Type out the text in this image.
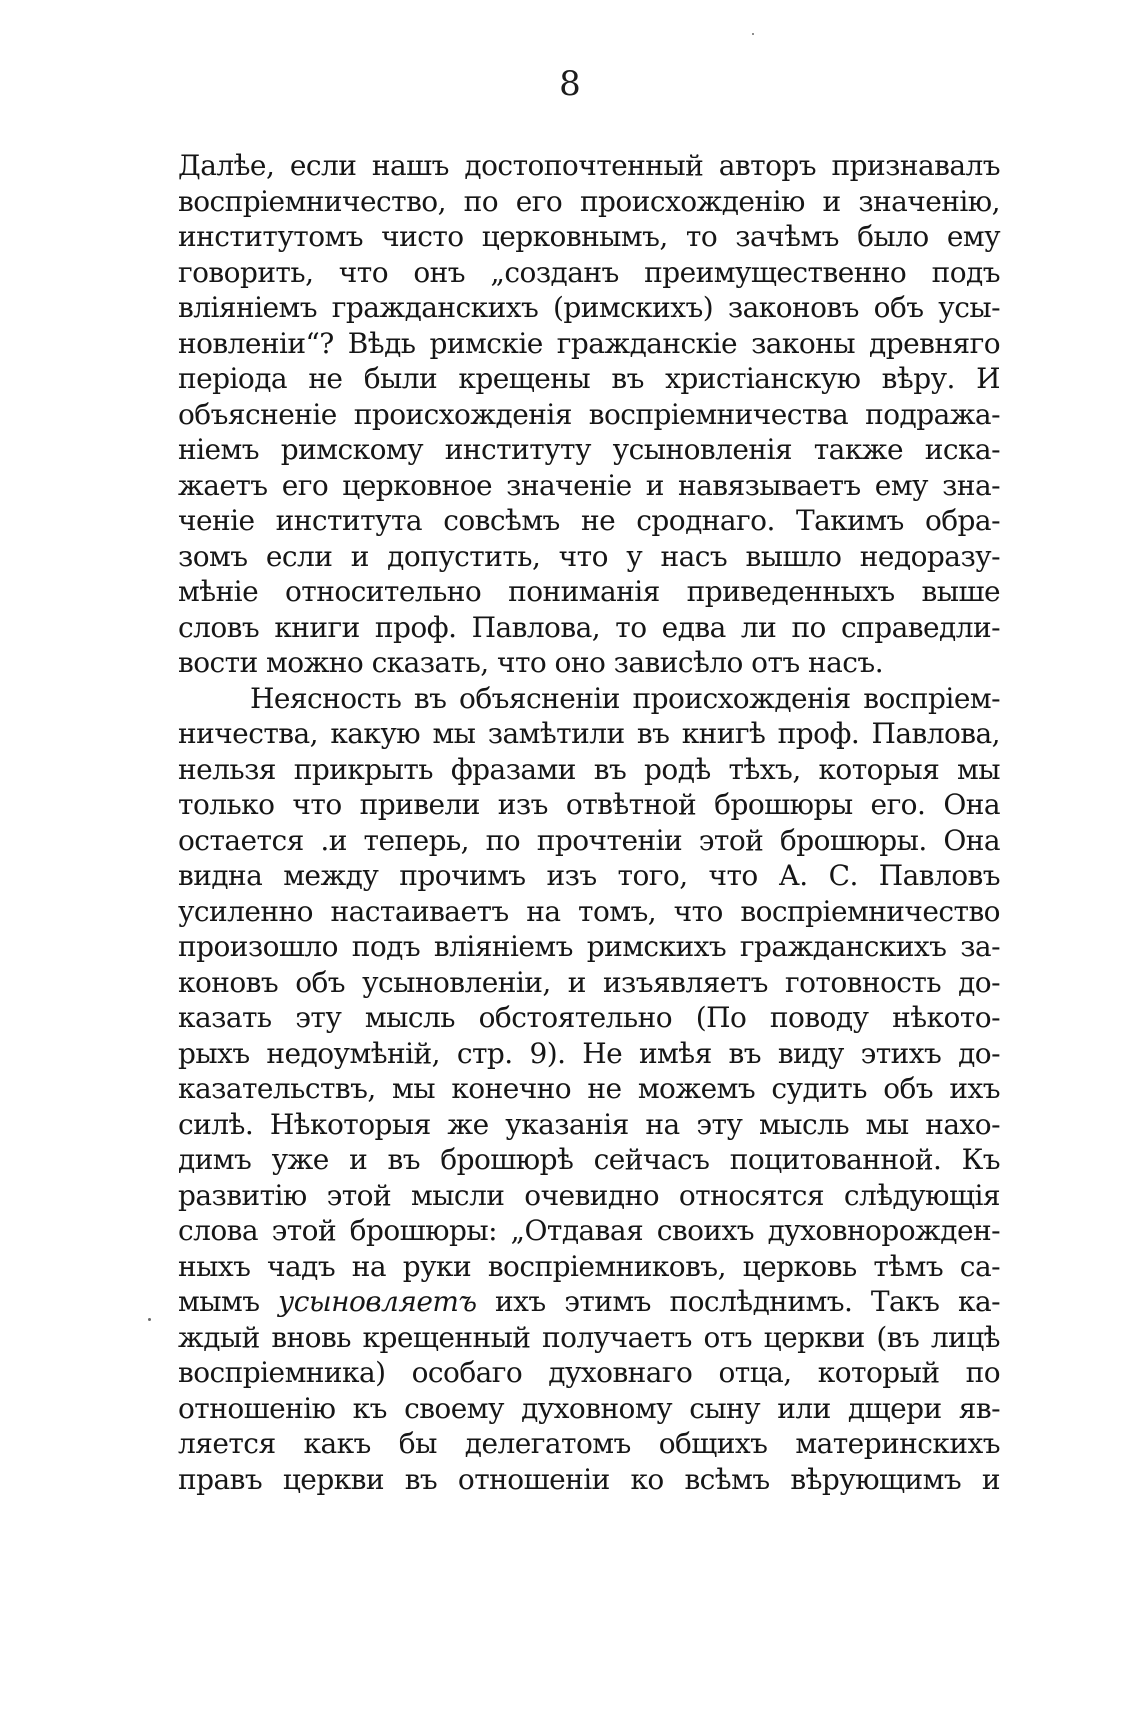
8
Далѣе, если нашъ достопочтенный авторъ признавалъ
воспріемничество, по его происхожденію и значенію,
институтомъ чисто церковнымъ, то зачѣмъ было ему
говорить, что онъ „созданъ преимущественно подъ
вліяніемъ гражданскихъ (римскихъ) законовъ объ усы-
новленіи“? Вѣдь римскіе гражданскіе законы древняго
періода не были крещены въ христіанскую вѣру. И
объясненіе происхожденія воспріемничества подража-
ніемъ римскому институту усыновленія также иска-
жаетъ его церковное значеніе и навязываетъ ему зна-
ченіе института совсѣмъ не сроднаго. Такимъ обра-
зомъ если и допустить, что у насъ вышло недоразу-
мѣніе относительно пониманія приведенныхъ выше
словъ книги проф. Павлова, то едва ли по справедли-
вости можно сказать, что оно зависѣло отъ насъ.
Неясность въ объясненіи происхожденія воспріем-
ничества, какую мы замѣтили въ книгѣ проф. Павлова,
нельзя прикрыть фразами въ родѣ тѣхъ, которыя мы
только что привели изъ отвѣтной брошюры его. Она
остается .и теперь, по прочтеніи этой брошюры. Она
видна между прочимъ изъ того, что А. С. Павловъ
усиленно настаиваетъ на томъ, что воспріемничество
произошло подъ вліяніемъ римскихъ гражданскихъ за-
коновъ объ усыновленіи, и изъявляетъ готовность до-
казать эту мысль обстоятельно (По поводу нѣкото-
рыхъ недоумѣній, стр. 9). Не имѣя въ виду этихъ до-
казательствъ, мы конечно не можемъ судить объ ихъ
силѣ. Нѣкоторыя же указанія на эту мысль мы нахо-
димъ уже и въ брошюрѣ сейчасъ поцитованной. Къ
развитію этой мысли очевидно относятся слѣдующія
слова этой брошюры: „Отдавая своихъ духовнорожден-
ныхъ чадъ на руки воспріемниковъ, церковь тѣмъ са-
мымъ усыновляетъ ихъ этимъ послѣднимъ. Такъ ка-
ждый вновь крещенный получаетъ отъ церкви (въ лицѣ
воспріемника) особаго духовнаго отца, который по
отношенію къ своему духовному сыну или дщери яв-
ляется какъ бы делегатомъ общихъ материнскихъ
правъ церкви въ отношеніи ко всѣмъ вѣрующимъ и
